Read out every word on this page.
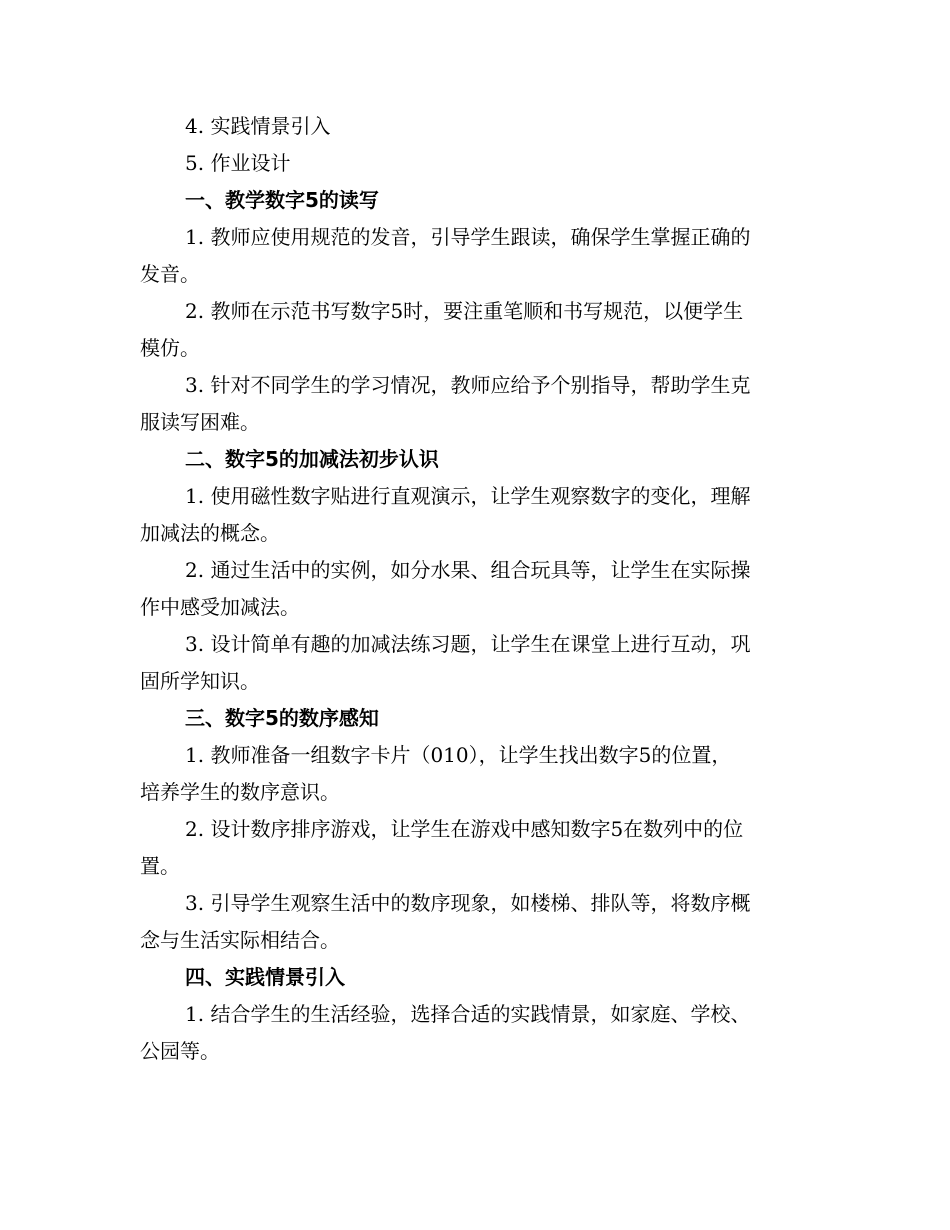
4. 实践情景引入
5. 作业设计
一、教学数字5的读写
1. 教师应使用规范的发音，引导学生跟读，确保学生掌握正确的
发音。
2. 教师在示范书写数字5时，要注重笔顺和书写规范，以便学生
模仿。
3. 针对不同学生的学习情况，教师应给予个别指导，帮助学生克
服读写困难。
二、数字5的加减法初步认识
1. 使用磁性数字贴进行直观演示，让学生观察数字的变化，理解
加减法的概念。
2. 通过生活中的实例，如分水果、组合玩具等，让学生在实际操
作中感受加减法。
3. 设计简单有趣的加减法练习题，让学生在课堂上进行互动，巩
固所学知识。
三、数字5的数序感知
1. 教师准备一组数字卡片（010），让学生找出数字5的位置，
培养学生的数序意识。
2. 设计数序排序游戏，让学生在游戏中感知数字5在数列中的位
置。
3. 引导学生观察生活中的数序现象，如楼梯、排队等，将数序概
念与生活实际相结合。
四、实践情景引入
1. 结合学生的生活经验，选择合适的实践情景，如家庭、学校、
公园等。
